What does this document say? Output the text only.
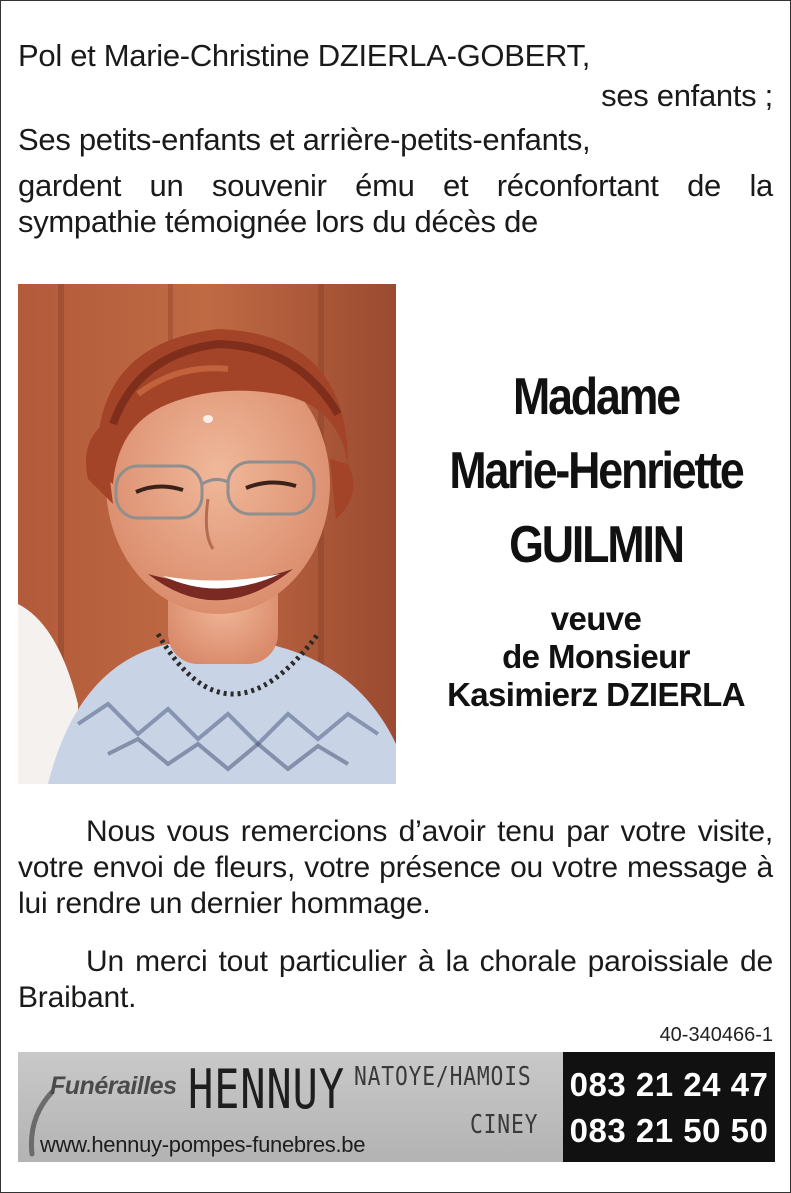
Pol et Marie-Christine DZIERLA-GOBERT,
ses enfants ;
Ses petits-enfants et arrière-petits-enfants,
gardent un souvenir ému et réconfortant de la sympathie témoignée lors du décès de
Madame
Marie-Henriette
GUILMIN
veuve
de Monsieur
Kasimierz DZIERLA
Nous vous remercions d’avoir tenu par votre visite, votre envoi de fleurs, votre présence ou votre message à lui rendre un dernier hommage.
Un merci tout particulier à la chorale paroissiale de Braibant.
40-340466-1
Funérailles HENNUY NATOYE/HAMOIS
CINEY
www.hennuy-pompes-funebres.be
083 21 24 47
083 21 50 50
